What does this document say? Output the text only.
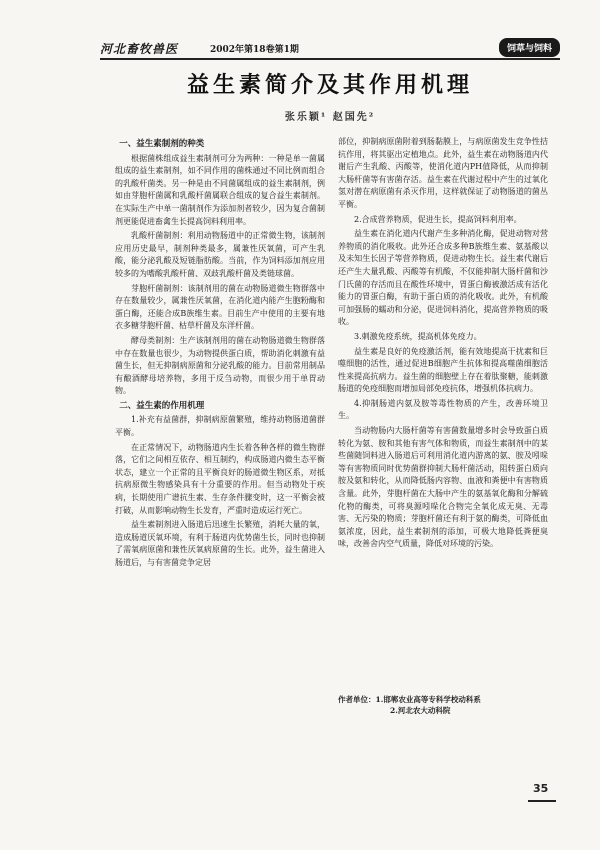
河北畜牧兽医	2002年第18卷第1期	饲草与饲料
益生素简介及其作用机理
张乐颖¹ 赵国先²
一、益生素制剂的种类

根据菌株组成益生素制剂可分为两种：一种是单一菌属组成的益生素制剂，如不同作用的菌株通过不同比例而组合的乳酸杆菌类。另一种是由不同菌属组成的益生素制剂，例如由芽胞杆菌属和乳酸杆菌属联合组成的复合益生素制剂。在实际生产中单一菌制剂作为添加剂者较少，因为复合菌制剂更能促进畜禽生长提高饲料利用率。

乳酸杆菌制剂：利用动物肠道中的正常微生物，该制剂应用历史最早，制剂种类最多，属兼性厌氧菌，可产生乳酸，能分泌乳酸及短链脂肪酸。当前，作为饲料添加剂应用较多的为嗜酸乳酸杆菌、双歧乳酸杆菌及类链球菌。

芽胞杆菌制剂：该制剂用的菌在动物肠道微生物群落中存在数量较少，属兼性厌氧菌，在消化道内能产生胞粉酶和蛋白酶，还能合成B族维生素。目前生产中使用的主要有地衣多糖芽胞杆菌、枯草杆菌及东洋杆菌。

酵母类制剂：生产该制剂用的菌在动物肠道微生物群落中存在数量也很少，为动物提供蛋白质，帮助消化刺激有益菌生长，但无抑制病原菌和分泌乳酸的能力。目前常用制品有酿酒酵母培养物，多用于反刍动物，而很少用于单胃动物。

二、益生素的作用机理

1.补充有益菌群，抑制病原菌繁殖，维持动物肠道菌群平衡。

在正常情况下，动物肠道内生长着各种各样的微生物群落，它们之间相互依存、相互制约，构成肠道内微生态平衡状态，建立一个正常的且平衡良好的肠道微生物区系，对抵抗病原微生物感染具有十分重要的作用。但当动物处于疾病，长期使用广谱抗生素、生存条件骤变时，这一平衡会被打破，从而影响动物生长发育，严重时造成运行死亡。

益生素制剂进入肠道后迅速生长繁殖，消耗大量的氧，造成肠道厌氧环境，有利于肠道内优势菌生长，同时也抑制了需氧病原菌和兼性厌氧病原菌的生长。此外，益生菌进入肠道后，与有害菌竞争定居

部位，抑制病原菌附着到肠黏膜上，与病原菌发生竞争性拮抗作用，将其驱出定植地点。此外，益生素在动物肠道内代谢后产生乳酸、丙酸等，使消化道内PH值降低，从而抑制大肠杆菌等有害菌存活。益生素在代谢过程中产生的过氧化氢对潜在病原菌有杀灭作用，这样就保证了动物肠道的菌丛平衡。

2.合成营养物质，促进生长，提高饲料利用率。

益生素在消化道内代谢产生多种消化酶，促进动物对营养物质的消化吸收。此外还合成多种B族维生素、氨基酸以及未知生长因子等营养物质，促进动物生长。益生素代谢后还产生大量乳酸、丙酸等有机酸，不仅能抑制大肠杆菌和沙门氏菌的存活而且在酸性环境中，胃蛋白酶被激活成有活化能力的胃蛋白酶，有助于蛋白质的消化吸收。此外，有机酸可加强肠的蠕动和分泌，促进饲料消化，提高营养物质的吸收。

3.刺激免疫系统，提高机体免疫力。

益生素是良好的免疫激活剂，能有效地提高干扰素和巨噬细胞的活性，通过促进B细胞产生抗体和提高噬菌细胞活性来提高抗病力。益生菌的细胞壁上存在着肽聚糖，能刺激肠道的免疫细胞而增加局部免疫抗体，增强机体抗病力。

4.抑制肠道内氨及胺等毒性物质的产生，改善环境卫生。

当动物肠内大肠杆菌等有害菌数量增多时会导致蛋白质转化为氨、胺和其他有害气体和物质，而益生素制剂中的某些菌随饲料进入肠道后可利用消化道内游离的氨、胺及吲哚等有害物质同时优势菌群抑制大肠杆菌活动，阻转蛋白质向胺及氨和转化，从而降低肠内容物、血液和粪便中有害物质含量。此外，芽胞杆菌在大肠中产生的氨基氧化酶和分解硫化物的酶类，可将臭源吲哚化合物完全氧化成无臭、无毒害、无污染的物质；芽胞杆菌还有利于氨的酶类，可降低血氨浓度，因此，益生素制剂的添加，可极大地降低粪便臭味，改善舍内空气质量，降低对环境的污染。

作者单位：1.邯郸农业高等专科学校动科系
2.河北农大动科院
35
